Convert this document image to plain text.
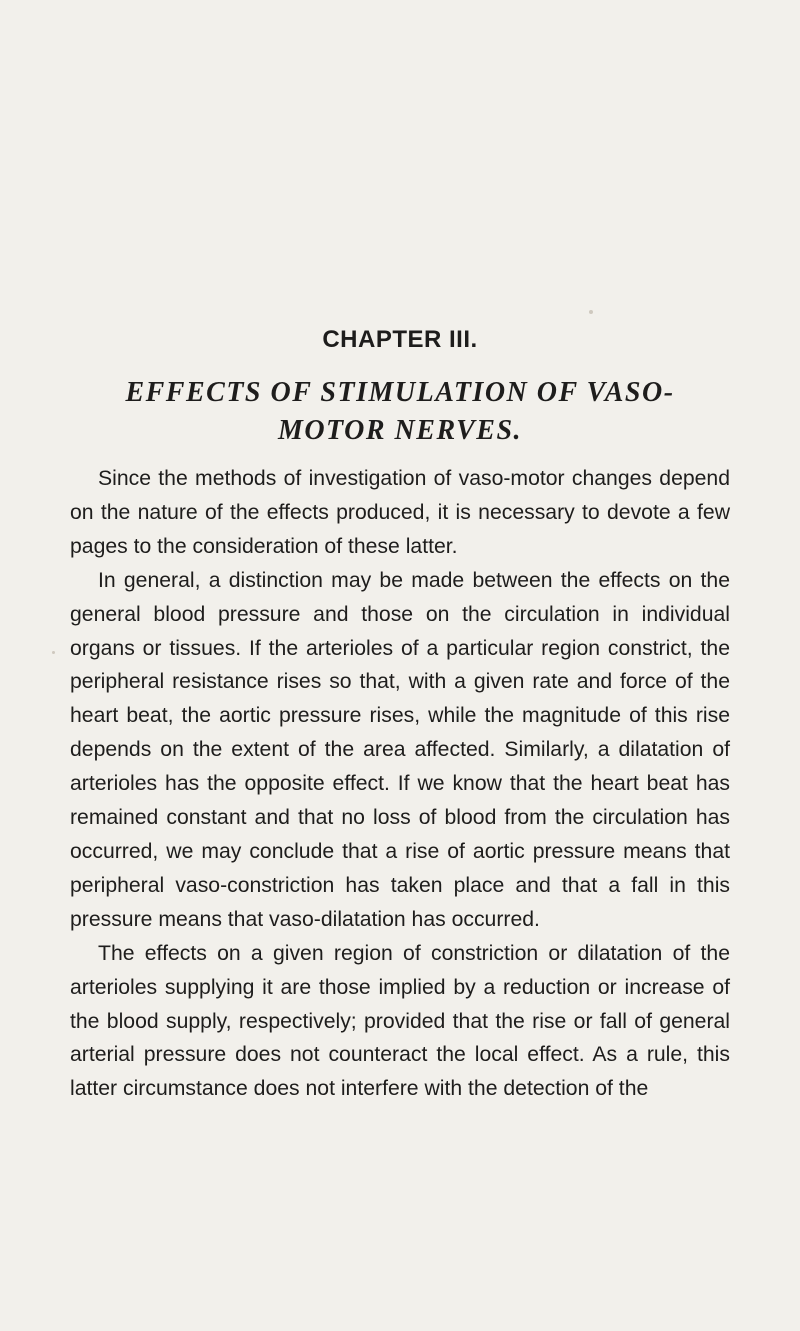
CHAPTER III.
EFFECTS OF STIMULATION OF VASO-
MOTOR NERVES.

Since the methods of investigation of vaso-motor changes depend on the nature of the effects produced, it is necessary to devote a few pages to the consideration of these latter.

In general, a distinction may be made between the effects on the general blood pressure and those on the circulation in individual organs or tissues. If the arterioles of a particular region constrict, the peripheral resistance rises so that, with a given rate and force of the heart beat, the aortic pressure rises, while the magnitude of this rise depends on the extent of the area affected. Similarly, a dilatation of arterioles has the opposite effect. If we know that the heart beat has remained constant and that no loss of blood from the circulation has occurred, we may conclude that a rise of aortic pressure means that peripheral vaso-constriction has taken place and that a fall in this pressure means that vaso-dilatation has occurred.

The effects on a given region of constriction or dilatation of the arterioles supplying it are those implied by a reduction or increase of the blood supply, respectively; provided that the rise or fall of general arterial pressure does not counteract the local effect. As a rule, this latter circumstance does not interfere with the detection of the
